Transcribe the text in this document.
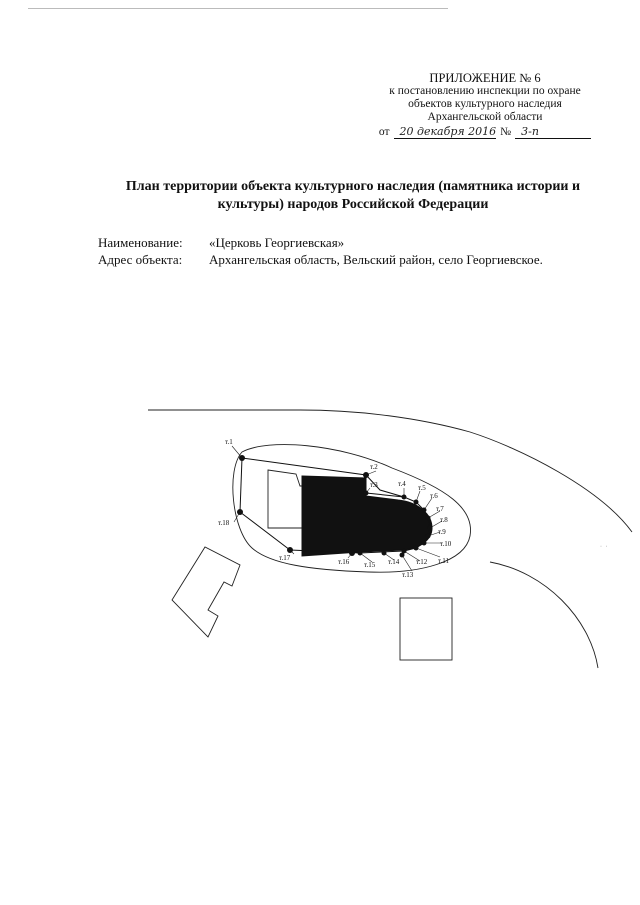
ПРИЛОЖЕНИЕ № 6
к постановлению инспекции по охране
объектов культурного наследия
Архангельской области
от 20 декабря 2016 № 3-п
План территории объекта культурного наследия (памятника истории и
культуры) народов Российской Федерации
Наименование:	«Церковь Георгиевская»
Адрес объекта:	Архангельская область, Вельский район, село Георгиевское.
т.1
т.2
т.3	т.4 т.5
т.6
т.7
т.8
т.9
т.10
т.11
т.12
т.13
т.14
т.15
т.16
т.17
т.18
· ·
